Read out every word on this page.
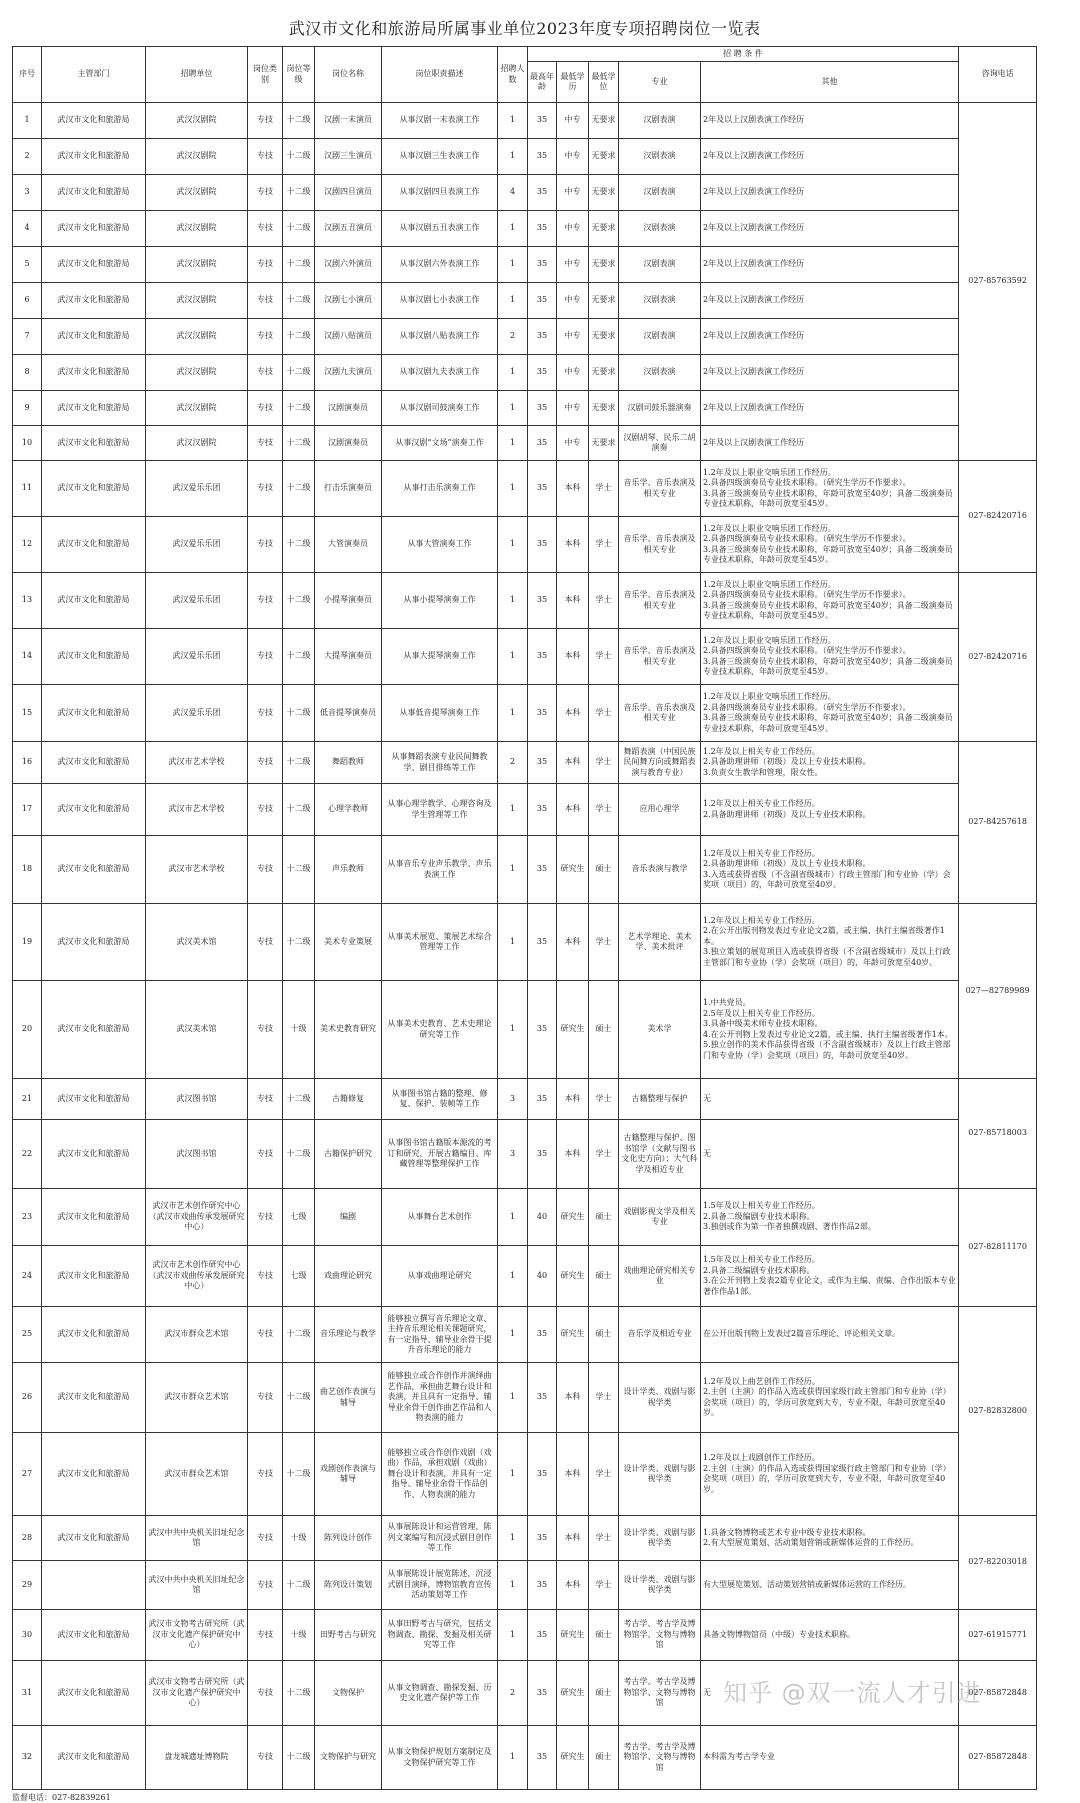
武汉市文化和旅游局所属事业单位2023年度专项招聘岗位一览表													
序号	主管部门	招聘单位	岗位类别	岗位等级	岗位名称	岗位职责描述	招聘人数	招 聘 条 件					咨询电话
								最高年龄	最低学历	最低学位	专业	其他	
1	武汉市文化和旅游局	武汉汉剧院	专技	十二级	汉剧一末演员	从事汉剧一末表演工作	1	35	中专	无要求	汉剧表演	2年及以上汉剧表演工作经历	027-85763592
2	武汉市文化和旅游局	武汉汉剧院	专技	十二级	汉剧三生演员	从事汉剧三生表演工作	1	35	中专	无要求	汉剧表演	2年及以上汉剧表演工作经历	

3	武汉市文化和旅游局	武汉汉剧院	专技	十二级	汉剧四旦演员	从事汉剧四旦表演工作	4	35	中专	无要求	汉剧表演	2年及以上汉剧表演工作经历	

4	武汉市文化和旅游局	武汉汉剧院	专技	十二级	汉剧五丑演员	从事汉剧五丑表演工作	1	35	中专	无要求	汉剧表演	2年及以上汉剧表演工作经历	

5	武汉市文化和旅游局	武汉汉剧院	专技	十二级	汉剧六外演员	从事汉剧六外表演工作	1	35	中专	无要求	汉剧表演	2年及以上汉剧表演工作经历	

6	武汉市文化和旅游局	武汉汉剧院	专技	十二级	汉剧七小演员	从事汉剧七小表演工作	1	35	中专	无要求	汉剧表演	2年及以上汉剧表演工作经历	

7	武汉市文化和旅游局	武汉汉剧院	专技	十二级	汉剧八贴演员	从事汉剧八贴表演工作	2	35	中专	无要求	汉剧表演	2年及以上汉剧表演工作经历	

8	武汉市文化和旅游局	武汉汉剧院	专技	十二级	汉剧九夫演员	从事汉剧九夫表演工作	1	35	中专	无要求	汉剧表演	2年及以上汉剧表演工作经历	

9	武汉市文化和旅游局	武汉汉剧院	专技	十二级	汉剧演奏员	从事汉剧司鼓演奏工作	1	35	中专	无要求	汉剧司鼓乐器演奏	2年及以上汉剧表演工作经历	

10	武汉市文化和旅游局	武汉汉剧院	专技	十二级	汉剧演奏员	从事汉剧“文场”演奏工作	1	35	中专	无要求	汉剧胡琴、民乐二胡演奏	2年及以上汉剧表演工作经历	

11	武汉市文化和旅游局	武汉爱乐乐团	专技	十二级	打击乐演奏员	从事打击乐演奏工作	1	35	本科	学士	音乐学、音乐表演及相关专业	1.2年及以上职业交响乐团工作经历。
2.具备四级演奏员专业技术职称。（研究生学历不作要求）。
3.具备三级演奏员专业技术职称，年龄可放宽至40岁；具备二级演奏员专业技术职称，年龄可放宽至45岁。	027-82420716
12	武汉市文化和旅游局	武汉爱乐乐团	专技	十二级	大管演奏员	从事大管演奏工作	1	35	本科	学士	音乐学、音乐表演及相关专业	1.2年及以上职业交响乐团工作经历。
2.具备四级演奏员专业技术职称。（研究生学历不作要求）。
3.具备三级演奏员专业技术职称，年龄可放宽至40岁；具备二级演奏员专业技术职称，年龄可放宽至45岁。	

13	武汉市文化和旅游局	武汉爱乐乐团	专技	十二级	小提琴演奏员	从事小提琴演奏工作	1	35	本科	学士	音乐学、音乐表演及相关专业	1.2年及以上职业交响乐团工作经历。
2.具备四级演奏员专业技术职称。（研究生学历不作要求）。
3.具备三级演奏员专业技术职称，年龄可放宽至40岁；具备二级演奏员专业技术职称，年龄可放宽至45岁。	027-82420716
14	武汉市文化和旅游局	武汉爱乐乐团	专技	十二级	大提琴演奏员	从事大提琴演奏工作	1	35	本科	学士	音乐学、音乐表演及相关专业	1.2年及以上职业交响乐团工作经历。
2.具备四级演奏员专业技术职称。（研究生学历不作要求）。
3.具备三级演奏员专业技术职称，年龄可放宽至40岁；具备二级演奏员专业技术职称，年龄可放宽至45岁。	

15	武汉市文化和旅游局	武汉爱乐乐团	专技	十二级	低音提琴演奏员	从事低音提琴演奏工作	1	35	本科	学士	音乐学、音乐表演及相关专业	1.2年及以上职业交响乐团工作经历。
2.具备四级演奏员专业技术职称。（研究生学历不作要求）。
3.具备三级演奏员专业技术职称，年龄可放宽至40岁；具备二级演奏员专业技术职称，年龄可放宽至45岁。	

16	武汉市文化和旅游局	武汉市艺术学校	专技	十二级	舞蹈教师	从事舞蹈表演专业民间舞教学、剧目排练等工作	2	35	本科	学士	舞蹈表演（中国民族民间舞方向或舞蹈表演与教育专业）	1.2年及以上相关专业工作经历。
2.具备助理讲师（初级）及以上专业技术职称。
3.负责女生教学和管理，限女性。	027-84257618
17	武汉市文化和旅游局	武汉市艺术学校	专技	十二级	心理学教师	从事心理学教学、心理咨询及学生管理等工作	1	35	本科	学士	应用心理学	1.2年及以上相关专业工作经历。
2.具备助理讲师（初级）及以上专业技术职称。	

18	武汉市文化和旅游局	武汉市艺术学校	专技	十二级	声乐教师	从事音乐专业声乐教学、声乐表演工作	1	35	研究生	硕士	音乐表演与教学	1.2年及以上相关专业工作经历。
2.具备助理讲师（初级）及以上专业技术职称。
3.入选或获得省级（不含副省级城市）行政主管部门和专业协（学）会奖项（项目）的，年龄可放宽至40岁。	

19	武汉市文化和旅游局	武汉美术馆	专技	十二级	美术专业策展	从事美术展览、策展艺术综合管理等工作	1	35	本科	学士	艺术学理论、美术学、美术批评	1.2年及以上相关专业工作经历。
2.在公开出版刊物发表过专业论文2篇，或主编、执行主编省级著作1本。
3.独立策划的展览项目入选或获得省级（不含副省级城市）及以上行政主管部门和专业协（学）会奖项（项目）的，年龄可放宽至40岁。	027—82789989
20	武汉市文化和旅游局	武汉美术馆	专技	十级	美术史教育研究	从事美术史教育、艺术史理论研究等工作	1	35	研究生	硕士	美术学	1.中共党员。
2.5年及以上相关专业工作经历。
3.具备中级美术师专业技术职称。
4.在公开刊物上发表过专业论文2篇，或主编、执行主编省级著作1本。
5.独立创作的美术作品获得省级（不含副省级城市）及以上行政主管部门和专业协（学）会奖项（项目）的，年龄可放宽至40岁。	

21	武汉市文化和旅游局	武汉图书馆	专技	十二级	古籍修复	从事图书馆古籍的整理、修复、保护、装帧等工作	3	35	本科	学士	古籍整理与保护	无	027-85718003
22	武汉市文化和旅游局	武汉图书馆	专技	十二级	古籍保护研究	从事图书馆古籍版本源流的考订和研究，开展古籍编目、库藏管理等整理保护工作	3	35	本科	学士	古籍整理与保护、图书馆学（文献与图书文化史方向）；大气科学及相近专业	无	

23	武汉市文化和旅游局	武汉市艺术创作研究中心（武汉市戏曲传承发展研究中心）	专技	七级	编剧	从事舞台艺术创作	1	40	研究生	硕士	戏剧影视文学及相关专业	1.5年及以上相关专业工作经历。
2.具备二级编剧专业技术职称。
3.独创或作为第一作者独撰戏剧、著作作品2部。	027-82811170
24	武汉市文化和旅游局	武汉市艺术创作研究中心（武汉市戏曲传承发展研究中心）	专技	七级	戏曲理论研究	从事戏曲理论研究	1	40	研究生	硕士	戏曲理论研究相关专业	1.5年及以上相关专业工作经历。
2.具备二级编剧专业技术职称。
3.在公开刊物上发表2篇专业论文，或作为主编、责编、合作出版本专业著作作品1部。	

25	武汉市文化和旅游局	武汉市群众艺术馆	专技	十二级	音乐理论与教学	能够独立撰写音乐理论文章、主持音乐理论相关课题研究，有一定指导、辅导业余骨干提升音乐理论的能力	1	35	研究生	硕士	音乐学及相近专业	在公开出版刊物上发表过2篇音乐理论、评论相关文章。	027-82832800
26	武汉市文化和旅游局	武汉市群众艺术馆	专技	十二级	曲艺创作表演与辅导	能够独立或合作创作并演绎曲艺作品，承担曲艺舞台设计和表演，并且具有一定指导、辅导业余骨干创作曲艺作品和人物表演的能力	1	35	本科	学士	设计学类、戏剧与影视学类	1.2年及以上曲艺创作工作经历。
2.主创（主演）的作品入选或获得国家级行政主管部门和专业协（学）会奖项（项目）的，学历可放宽到大专，专业不限，年龄可放宽至40岁。	

27	武汉市文化和旅游局	武汉市群众艺术馆	专技	十二级	戏剧创作表演与辅导	能够独立或合作创作戏剧（戏曲）作品，承担戏剧（戏曲）舞台设计和表演，并具有一定指导、辅导业余骨干作品创作、人物表演的能力	1	35	本科	学士	设计学类、戏剧与影视学类	1.2年及以上戏剧创作工作经历。
2.主创（主演）的作品入选或获得国家级行政主管部门和专业协（学）会奖项（项目）的，学历可放宽到大专，专业不限，年龄可放宽至40岁。	

28	武汉市文化和旅游局	武汉中共中央机关旧址纪念馆	专技	十级	陈列设计创作	从事展陈设计和运营管理，陈列文案编写和沉浸式剧目创作等工作	1	35	本科	学士	设计学类、戏剧与影视学类	1.具备文物博物或艺术专业中级专业技术职称。
2.有大型展览策划、活动策划营销或新媒体运营的工作经历。	027-82203018
29		武汉中共中央机关旧址纪念馆	专技	十二级	陈列设计策划	从事展陈设计展览陈述，沉浸式剧目演绎，博物馆教育宣传活动策划等工作	1	35	本科	学士	设计学类、戏剧与影视学类	有大型展览策划、活动策划营销或新媒体运营的工作经历。	

30	武汉市文化和旅游局	武汉市文物考古研究所（武汉市文化遗产保护研究中心）	专技	十级	田野考古与研究	从事田野考古与研究，包括文物调查、勘探、发掘及相关研究等工作	1	35	研究生	硕士	考古学、考古学及博物馆学、文物与博物馆	具备文物博物馆员（中级）专业技术职称。	027-61915771
31	武汉市文化和旅游局	武汉市文物考古研究所（武汉市文化遗产保护研究中心）	专技	十二级	文物保护	从事文物调查、勘探发掘、历史文化遗产保护等工作	2	35	研究生	硕士	考古学、考古学及博物馆学、文物与博物馆	无 知乎 @双一流人才引进	027-85872848
32	武汉市文化和旅游局	盘龙城遗址博物院	专技	十二级	文物保护与研究	从事文物保护规划方案制定及文物保护研究等工作	1	35	研究生	硕士	考古学、考古学及博物馆学、文物与博物馆	本科需为考古学专业	027-85872848
监督电话：027-82839261
